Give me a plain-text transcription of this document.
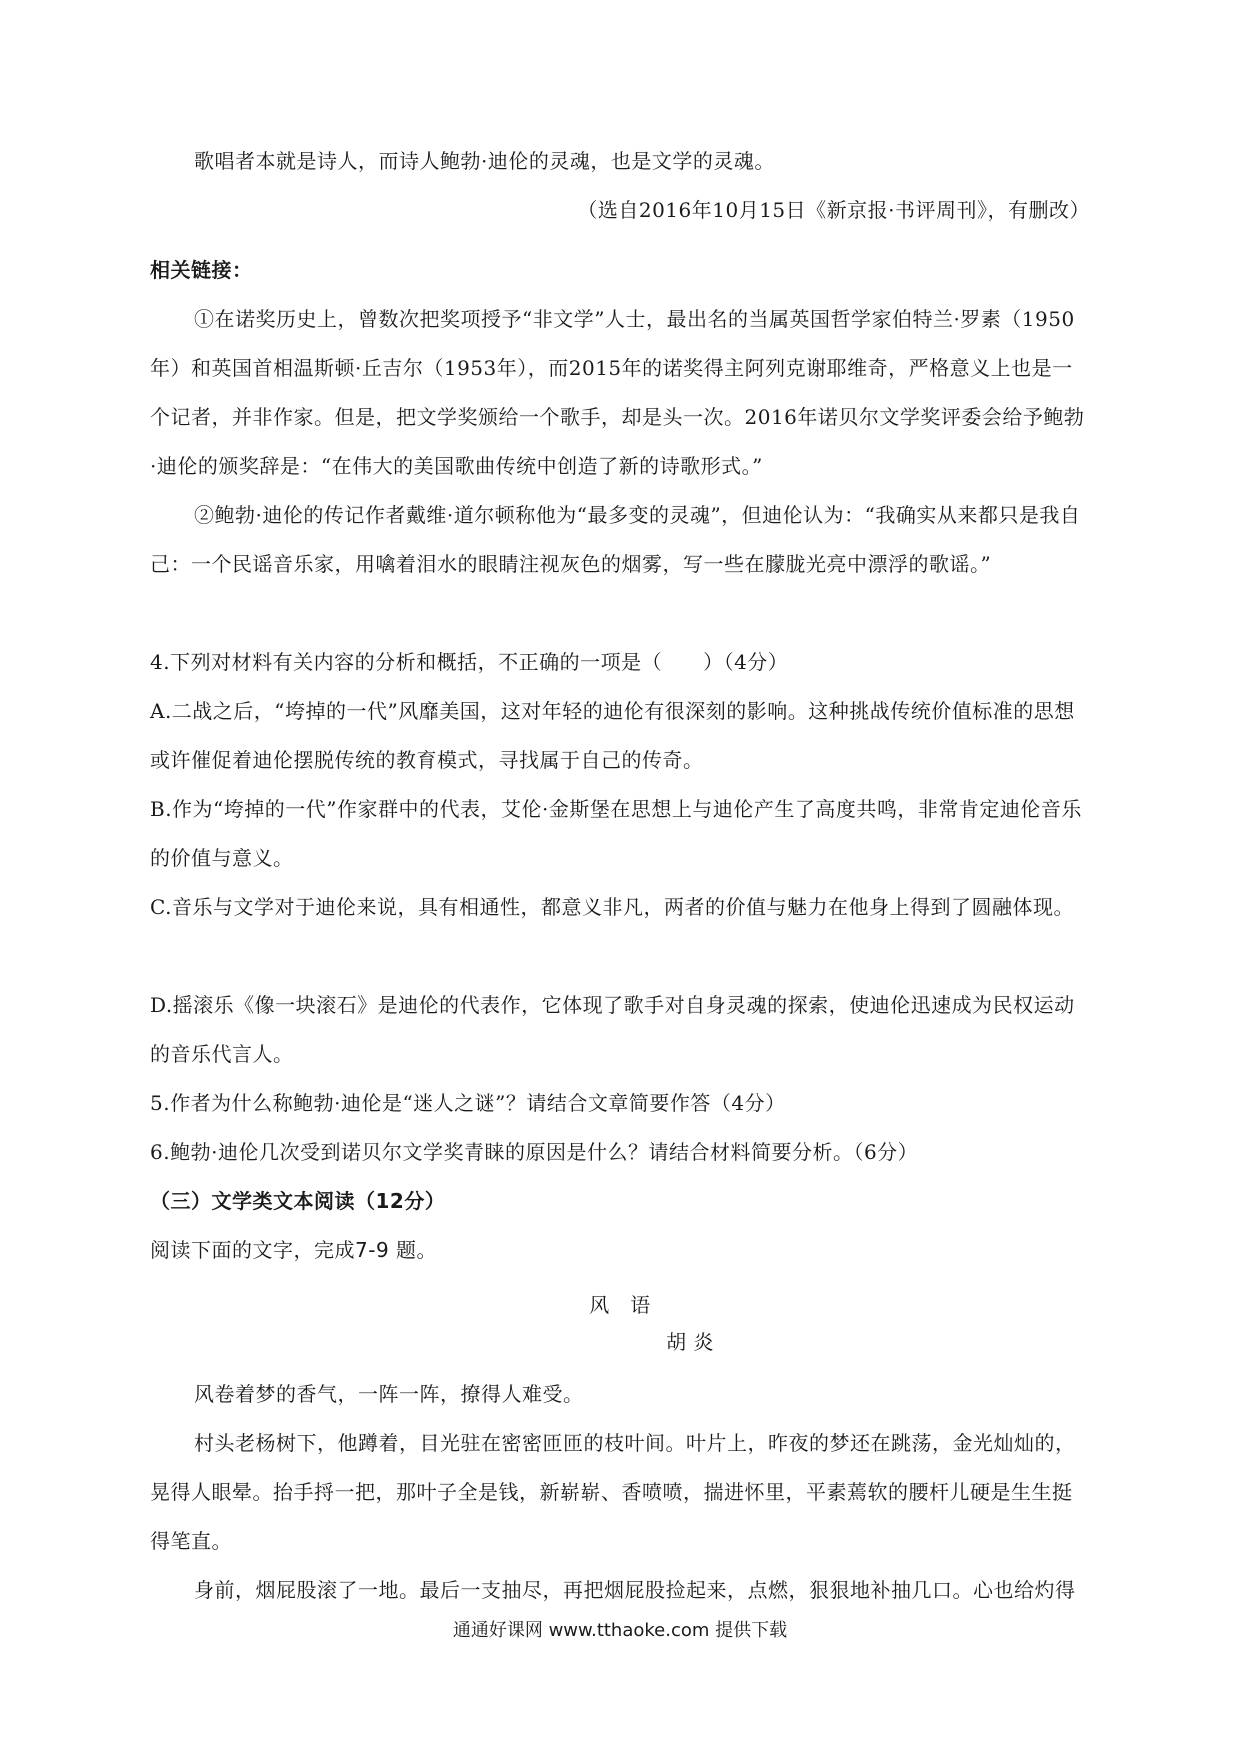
歌唱者本就是诗人，而诗人鲍勃·迪伦的灵魂，也是文学的灵魂。

（选自2016年10月15日《新京报·书评周刊》，有删改）

相关链接：

①在诺奖历史上，曾数次把奖项授予“非文学”人士，最出名的当属英国哲学家伯特兰·罗素（1950年）和英国首相温斯顿·丘吉尔（1953年），而2015年的诺奖得主阿列克谢耶维奇，严格意义上也是一个记者，并非作家。但是，把文学奖颁给一个歌手，却是头一次。2016年诺贝尔文学奖评委会给予鲍勃·迪伦的颁奖辞是：“在伟大的美国歌曲传统中创造了新的诗歌形式。”

②鲍勃·迪伦的传记作者戴维·道尔顿称他为“最多变的灵魂”，但迪伦认为：“我确实从来都只是我自己：一个民谣音乐家，用噙着泪水的眼睛注视灰色的烟雾，写一些在朦胧光亮中漂浮的歌谣。”

4.下列对材料有关内容的分析和概括，不正确的一项是（　　）（4分）

A.二战之后，“垮掉的一代”风靡美国，这对年轻的迪伦有很深刻的影响。这种挑战传统价值标准的思想或许催促着迪伦摆脱传统的教育模式，寻找属于自己的传奇。

B.作为“垮掉的一代”作家群中的代表，艾伦·金斯堡在思想上与迪伦产生了高度共鸣，非常肯定迪伦音乐的价值与意义。

C.音乐与文学对于迪伦来说，具有相通性，都意义非凡，两者的价值与魅力在他身上得到了圆融体现。

D.摇滚乐《像一块滚石》是迪伦的代表作，它体现了歌手对自身灵魂的探索，使迪伦迅速成为民权运动的音乐代言人。

5.作者为什么称鲍勃·迪伦是“迷人之谜”？请结合文章简要作答（4分）

6.鲍勃·迪伦几次受到诺贝尔文学奖青睐的原因是什么？请结合材料简要分析。（6分）

（三）文学类文本阅读（12分）

阅读下面的文字，完成7-9 题。

风　语

胡 炎

风卷着梦的香气，一阵一阵，撩得人难受。

村头老杨树下，他蹲着，目光驻在密密匝匝的枝叶间。叶片上，昨夜的梦还在跳荡，金光灿灿的，晃得人眼晕。抬手捋一把，那叶子全是钱，新崭崭、香喷喷，揣进怀里，平素蔫软的腰杆儿硬是生生挺得笔直。

身前，烟屁股滚了一地。最后一支抽尽，再把烟屁股捡起来，点燃，狠狠地补抽几口。心也给灼得

通通好课网 www.tthaoke.com 提供下载
